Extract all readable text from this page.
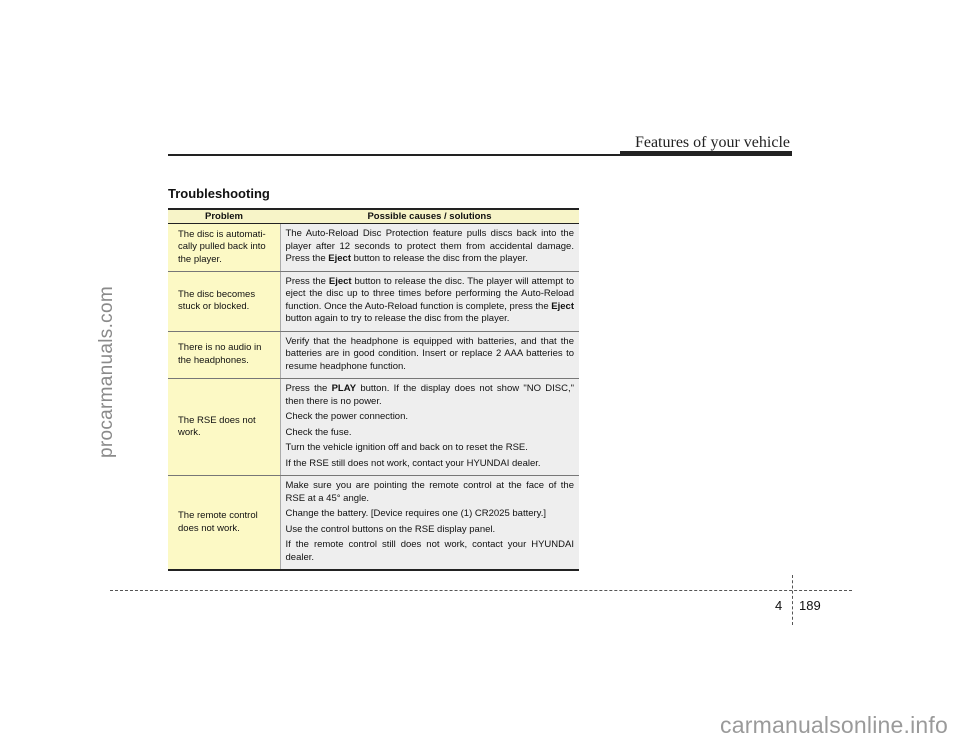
procarmanuals.com
carmanualsonline.info
Features of your vehicle
Troubleshooting
Problem	Possible causes / solutions
The disc is automati-cally pulled back into the player.	The Auto-Reload Disc Protection feature pulls discs back into the player after 12 seconds to protect them from accidental damage. Press the Eject button to release the disc from the player.

The disc becomes stuck or blocked.	Press the Eject button to release the disc. The player will attempt to eject the disc up to three times before performing the Auto-Reload function. Once the Auto-Reload function is complete, press the Eject button again to try to release the disc from the player.

There is no audio in the headphones.	Verify that the headphone is equipped with batteries, and that the batteries are in good condition. Insert or replace 2 AAA batteries to resume headphone function.

The RSE does not work.	Press the PLAY button. If the display does not show "NO DISC," then there is no power.

Check the power connection.

Check the fuse.

Turn the vehicle ignition off and back on to reset the RSE.

If the RSE still does not work, contact your HYUNDAI dealer.

The remote control does not work.	Make sure you are pointing the remote control at the face of the RSE at a 45° angle.

Change the battery. [Device requires one (1) CR2025 battery.]

Use the control buttons on the RSE display panel.

If the remote control still does not work, contact your HYUNDAI dealer.

4 189
